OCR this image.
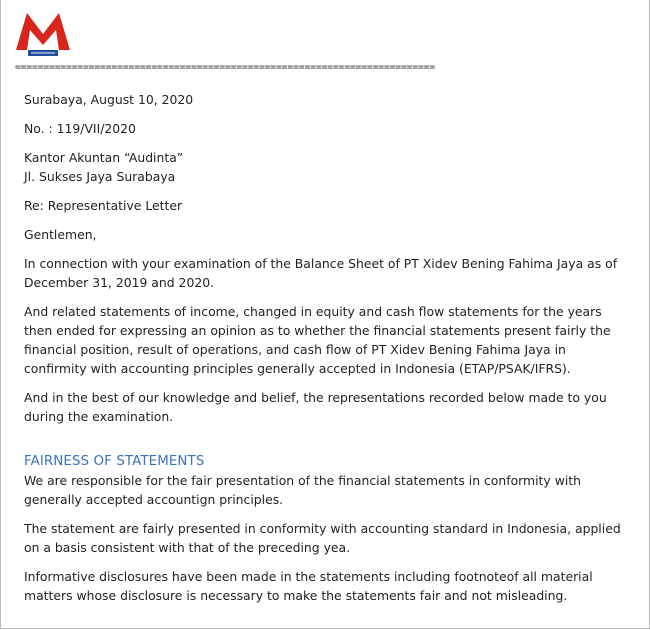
==========================================================================

Surabaya, August 10, 2020

No. : 119/VII/2020

Kantor Akuntan “Audinta”

Jl. Sukses Jaya Surabaya

Re: Representative Letter

Gentlemen,

In connection with your examination of the Balance Sheet of PT Xidev Bening Fahima Jaya as of December 31, 2019 and 2020.

And related statements of income, changed in equity and cash flow statements for the years then ended for expressing an opinion as to whether the financial statements present fairly the financial position, result of operations, and cash flow of PT Xidev Bening Fahima Jaya in confirmity with accounting principles generally accepted in Indonesia (ETAP/PSAK/IFRS).

And in the best of our knowledge and belief, the representations recorded below made to you during the examination.

FAIRNESS OF STATEMENTS

We are responsible for the fair presentation of the financial statements in conformity with generally accepted accountign principles.

The statement are fairly presented in conformity with accounting standard in Indonesia, applied on a basis consistent with that of the preceding yea.

Informative disclosures have been made in the statements including footnoteof all material matters whose disclosure is necessary to make the statements fair and not misleading.
